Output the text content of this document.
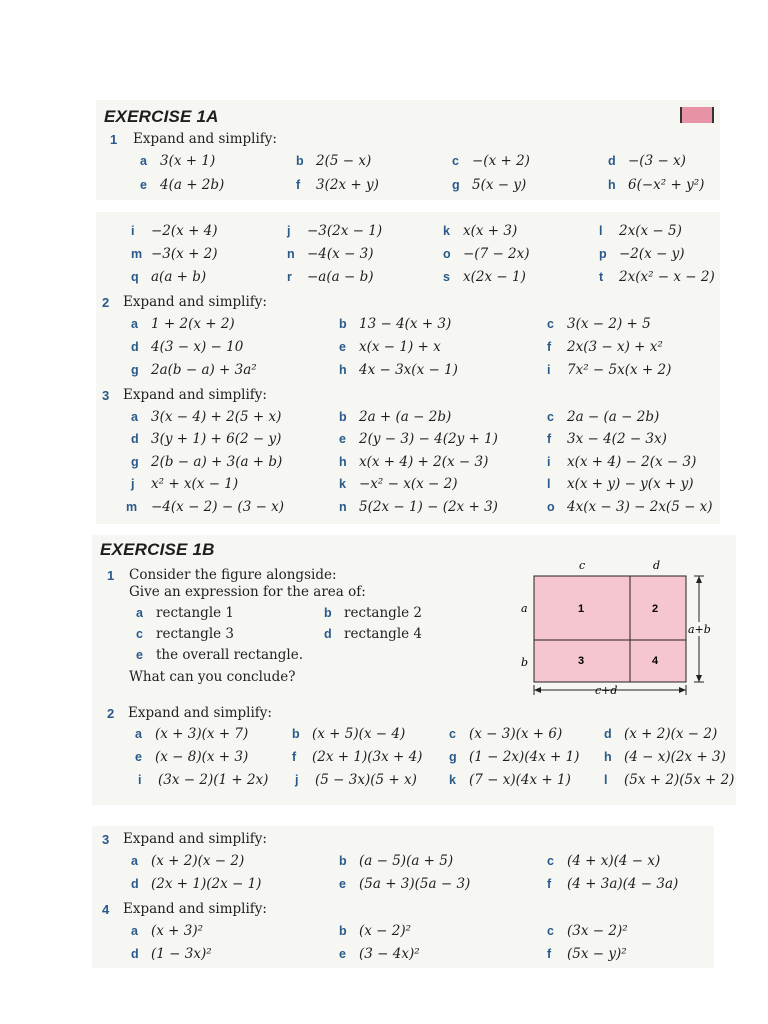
EXERCISE 1A
1 Expand and simplify:
a 3(x + 1)	b 2(5 − x)	c −(x + 2)	d −(3 − x)
e 4(a + 2b)	f 3(2x + y)	g 5(x − y)	h 6(−x² + y²)
i −2(x + 4)	j −3(2x − 1)	k x(x + 3)	l 2x(x − 5)
m −3(x + 2)	n −4(x − 3)	o −(7 − 2x)	p −2(x − y)
q a(a + b)	r −a(a − b)	s x(2x − 1)	t 2x(x² − x − 2)
2 Expand and simplify:
a 1 + 2(x + 2)	b 13 − 4(x + 3)	c 3(x − 2) + 5
d 4(3 − x) − 10	e x(x − 1) + x	f 2x(3 − x) + x²
g 2a(b − a) + 3a²	h 4x − 3x(x − 1)	i 7x² − 5x(x + 2)
3 Expand and simplify:
a 3(x − 4) + 2(5 + x)	b 2a + (a − 2b)	c 2a − (a − 2b)
d 3(y + 1) + 6(2 − y)	e 2(y − 3) − 4(2y + 1)	f 3x − 4(2 − 3x)
g 2(b − a) + 3(a + b)	h x(x + 4) + 2(x − 3)	i x(x + 4) − 2(x − 3)
j x² + x(x − 1)	k −x² − x(x − 2)	l x(x + y) − y(x + y)
m −4(x − 2) − (3 − x)	n 5(2x − 1) − (2x + 3)	o 4x(x − 3) − 2x(5 − x)
EXERCISE 1B
1 Consider the figure alongside:
Give an expression for the area of:
a rectangle 1	b rectangle 2
c rectangle 3	d rectangle 4
e the overall rectangle.
What can you conclude?
c	d
a
b
1	2
3	4
a+b
c+d
2 Expand and simplify:
a (x + 3)(x + 7)	b (x + 5)(x − 4)	c (x − 3)(x + 6)	d (x + 2)(x − 2)
e (x − 8)(x + 3)	f (2x + 1)(3x + 4) g (1 − 2x)(4x + 1) h (4 − x)(2x + 3)
i (3x − 2)(1 + 2x) j (5 − 3x)(5 + x)	k (7 − x)(4x + 1)	l (5x + 2)(5x + 2)
3 Expand and simplify:
a (x + 2)(x − 2)	b (a − 5)(a + 5)	c (4 + x)(4 − x)
d (2x + 1)(2x − 1)	e (5a + 3)(5a − 3)	f (4 + 3a)(4 − 3a)
4 Expand and simplify:
a (x + 3)²	b (x − 2)²	c (3x − 2)²
d (1 − 3x)²	e (3 − 4x)²	f (5x − y)²
